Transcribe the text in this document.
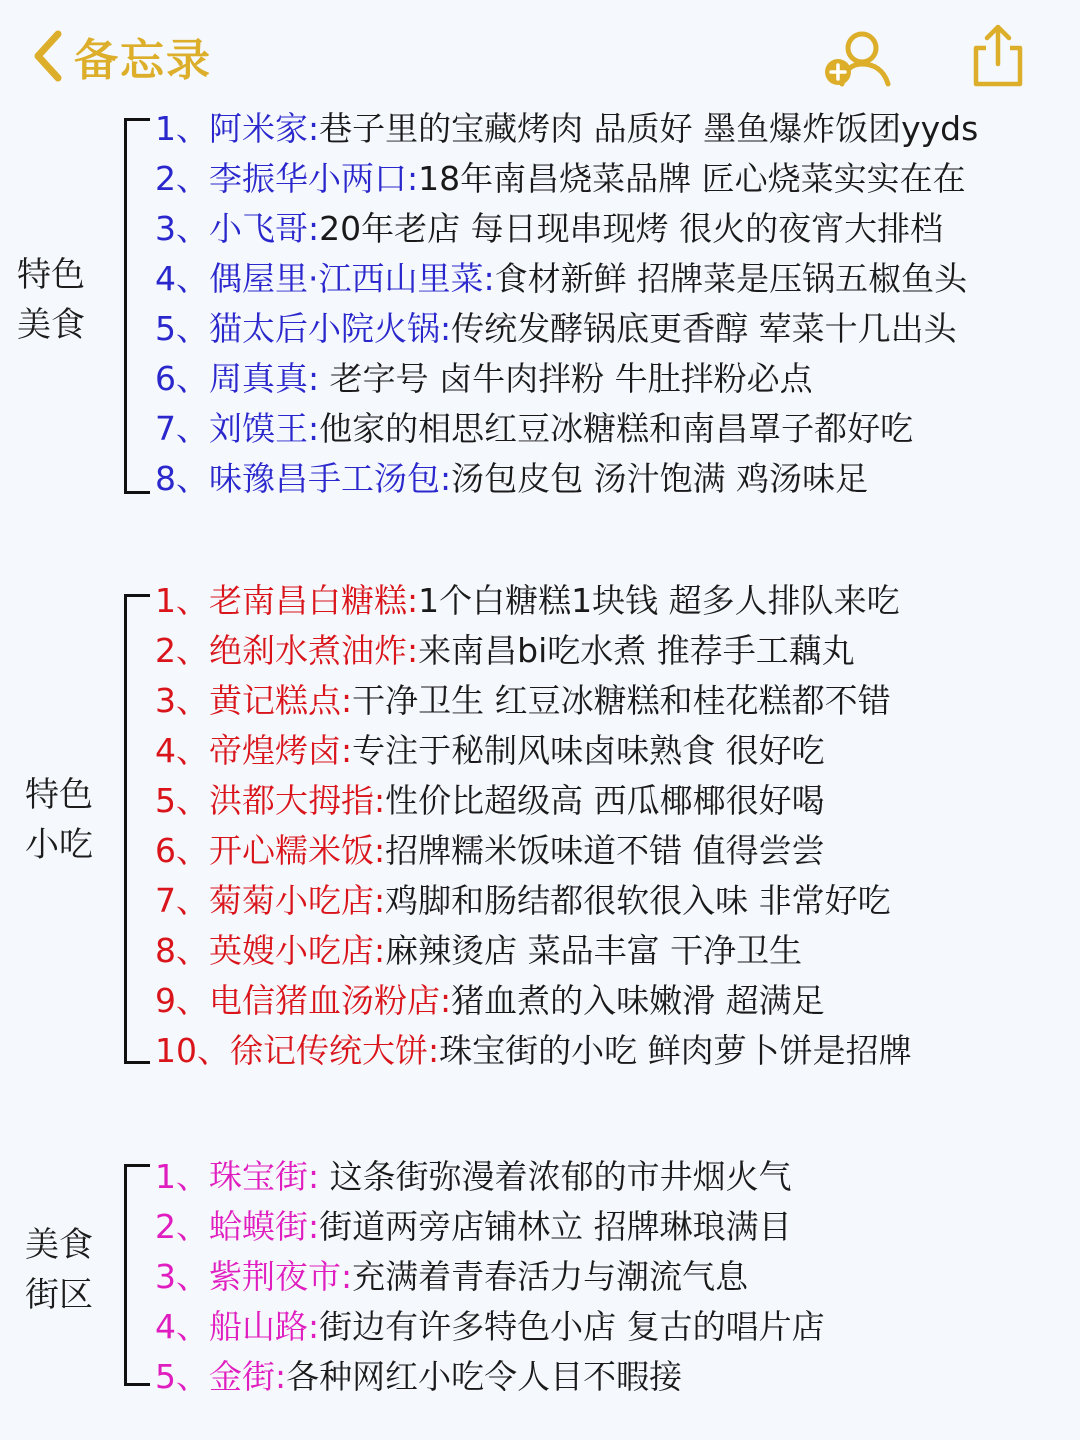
备忘录
特色
美食
1、阿米家:巷子里的宝藏烤肉 品质好 墨鱼爆炸饭团yyds
2、李振华小两口:18年南昌烧菜品牌 匠心烧菜实实在在
3、小飞哥:20年老店 每日现串现烤 很火的夜宵大排档
4、偶屋里·江西山里菜:食材新鲜 招牌菜是压锅五椒鱼头
5、猫太后小院火锅:传统发酵锅底更香醇 荤菜十几出头
6、周真真: 老字号 卤牛肉拌粉 牛肚拌粉必点
7、刘馍王:他家的相思红豆冰糖糕和南昌罩子都好吃
8、味豫昌手工汤包:汤包皮包 汤汁饱满 鸡汤味足
特色
小吃
1、老南昌白糖糕:1个白糖糕1块钱 超多人排队来吃
2、绝刹水煮油炸:来南昌bi吃水煮 推荐手工藕丸
3、黄记糕点:干净卫生 红豆冰糖糕和桂花糕都不错
4、帝煌烤卤:专注于秘制风味卤味熟食 很好吃
5、洪都大拇指:性价比超级高 西瓜椰椰很好喝
6、开心糯米饭:招牌糯米饭味道不错 值得尝尝
7、菊菊小吃店:鸡脚和肠结都很软很入味 非常好吃
8、英嫂小吃店:麻辣烫店 菜品丰富 干净卫生
9、电信猪血汤粉店:猪血煮的入味嫩滑 超满足
10、徐记传统大饼:珠宝街的小吃 鲜肉萝卜饼是招牌
美食
街区
1、珠宝街: 这条街弥漫着浓郁的市井烟火气
2、蛤蟆街:街道两旁店铺林立 招牌琳琅满目
3、紫荆夜市:充满着青春活力与潮流气息
4、船山路:街边有许多特色小店 复古的唱片店
5、金街:各种网红小吃令人目不暇接
